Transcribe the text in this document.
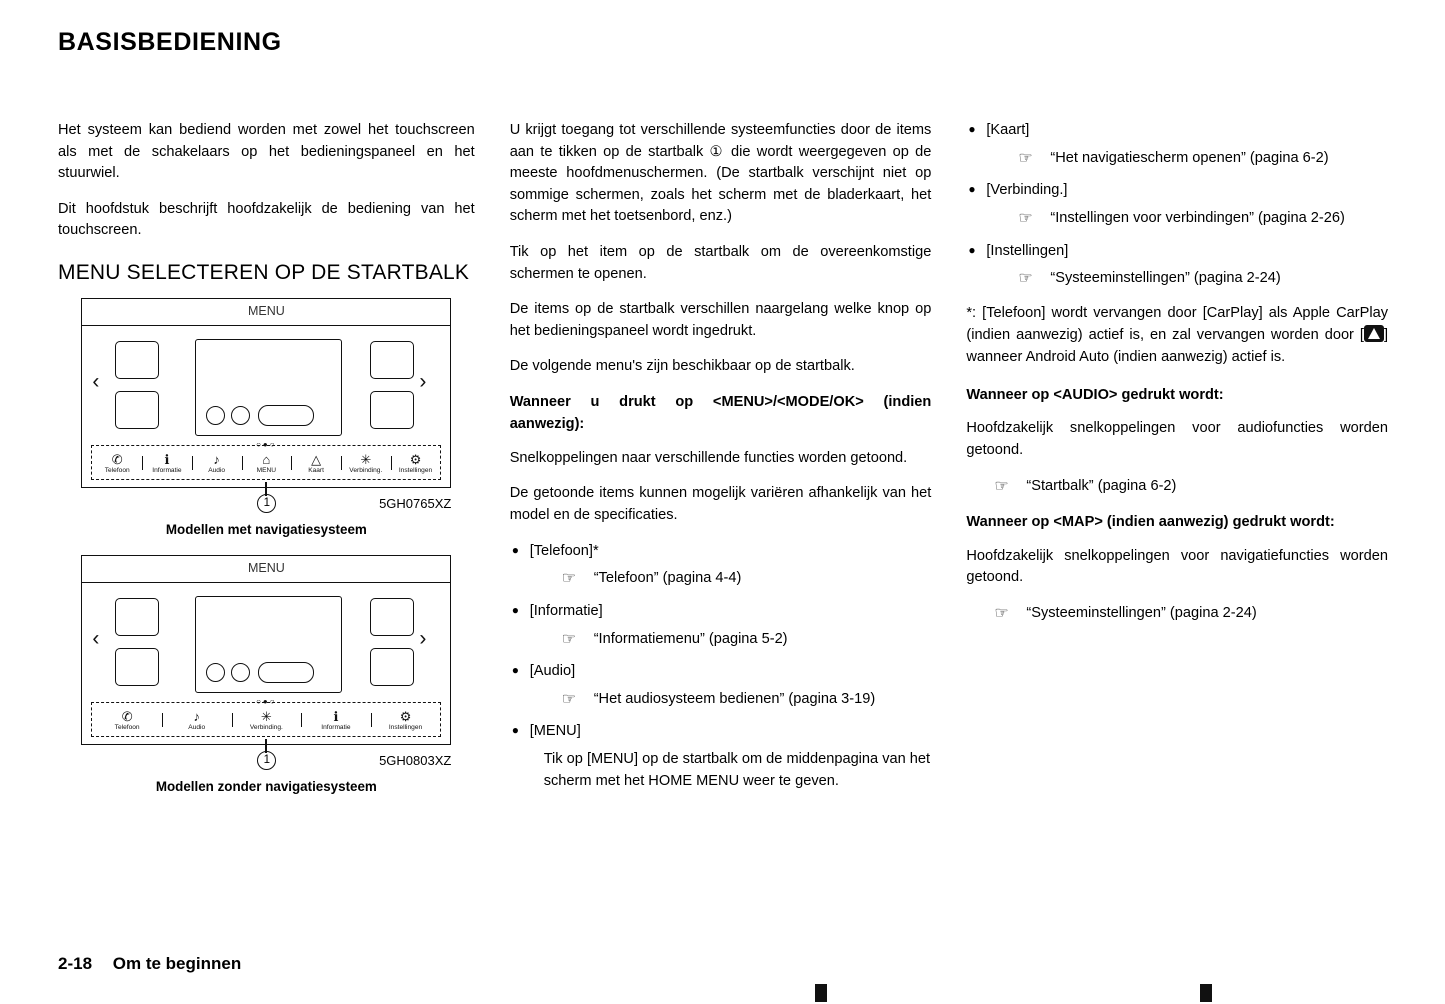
BASISBEDIENING

Het systeem kan bediend worden met zowel het touchscreen als met de schakelaars op het bedieningspaneel en het stuurwiel.

Dit hoofdstuk beschrijft hoofdzakelijk de bediening van het touchscreen.

MENU SELECTEREN OP DE STARTBALK
MENU
‹	›
○●○
✆
Telefoon
ℹ
Informatie
♪
Audio
⌂
MENU
△
Kaart
✳
Verbinding.
⚙
Instellingen
1	5GH0765XZ
Modellen met navigatiesysteem
MENU
‹	›
○●○
✆
Telefoon
♪
Audio
✳
Verbinding.
ℹ
Informatie
⚙
Instellingen
1	5GH0803XZ
Modellen zonder navigatiesysteem

U krijgt toegang tot verschillende systeemfuncties door de items aan te tikken op de startbalk ① die wordt weergegeven op de meeste hoofdmenuschermen. (De startbalk verschijnt niet op sommige schermen, zoals het scherm met de bladerkaart, het scherm met het toetsenbord, enz.)

Tik op het item op de startbalk om de overeenkomstige schermen te openen.

De items op de startbalk verschillen naargelang welke knop op het bedieningspaneel wordt ingedrukt.

De volgende menu's zijn beschikbaar op de startbalk.

Wanneer u drukt op <MENU>/<MODE/OK> (indien aanwezig):

Snelkoppelingen naar verschillende functies worden getoond.

De getoonde items kunnen mogelijk variëren afhankelijk van het model en de specificaties.

● [Telefoon]*
☞	“Telefoon” (pagina 4-4)
● [Informatie]
☞	“Informatiemenu” (pagina 5-2)
● [Audio]
☞	“Het audiosysteem bedienen” (pagina 3-19)
● [MENU]
Tik op [MENU] op de startbalk om de middenpagina van het scherm met het HOME MENU weer te geven.
● [Kaart]
☞	“Het navigatiescherm openen” (pagina 6-2)
● [Verbinding.]
☞	“Instellingen voor verbindingen” (pagina 2-26)
● [Instellingen]
☞	“Systeeminstellingen” (pagina 2-24)

*: [Telefoon] wordt vervangen door [CarPlay] als Apple CarPlay (indien aanwezig) actief is, en zal vervangen worden door [ ] wanneer Android Auto (indien aanwezig) actief is.

Wanneer op <AUDIO> gedrukt wordt:

Hoofdzakelijk snelkoppelingen voor audiofuncties worden getoond.

☞	“Startbalk” (pagina 6-2)

Wanneer op <MAP> (indien aanwezig) gedrukt wordt:

Hoofdzakelijk snelkoppelingen voor navigatiefuncties worden getoond.

☞	“Systeeminstellingen” (pagina 2-24)
2-18 Om te beginnen
